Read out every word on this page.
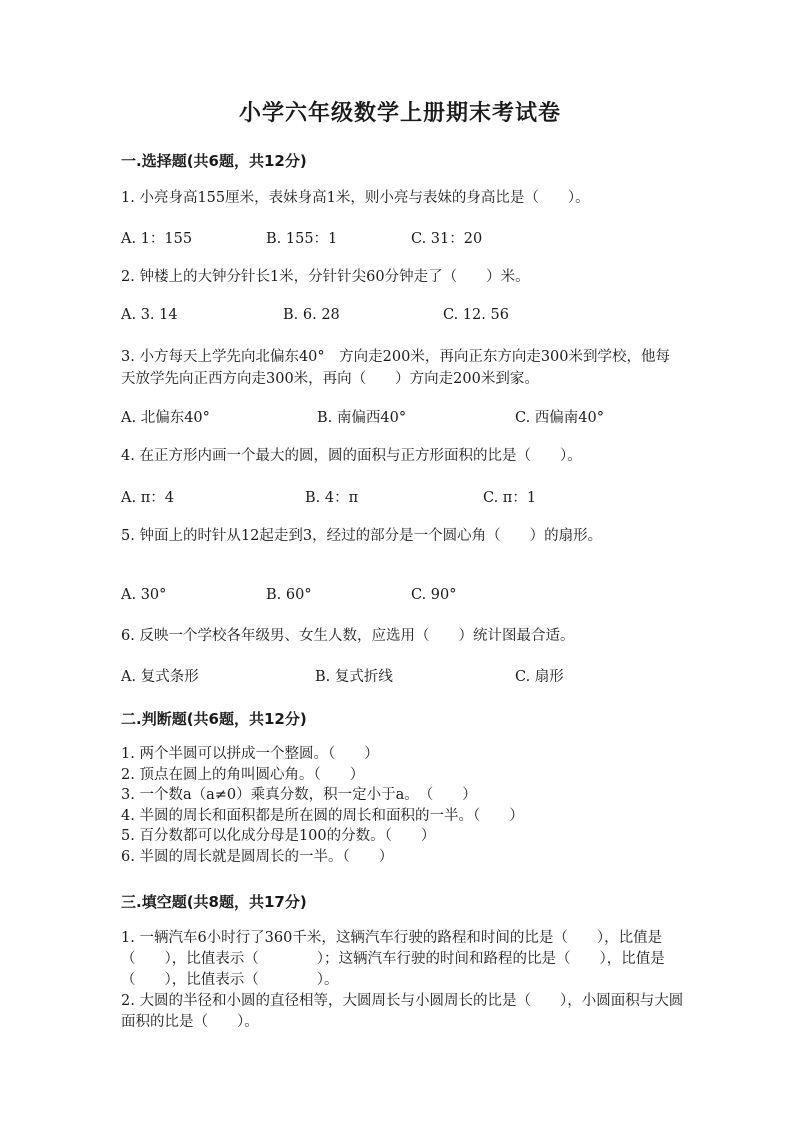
小学六年级数学上册期末考试卷
一.选择题(共6题，共12分)
1. 小亮身高155厘米，表妹身高1米，则小亮与表妹的身高比是（　　）。
A. 1：155	B. 155：1	C. 31：20
2. 钟楼上的大钟分针长1米，分针针尖60分钟走了（　　）米。
A. 3. 14	B. 6. 28	C. 12. 56
3. 小方每天上学先向北偏东40°　方向走200米，再向正东方向走300米到学校，他每天放学先向正西方向走300米，再向（　　）方向走200米到家。
A. 北偏东40°	B. 南偏西40°	C. 西偏南40°
4. 在正方形内画一个最大的圆，圆的面积与正方形面积的比是（　　）。
A. π：4	B. 4：π	C. π：1
5. 钟面上的时针从12起走到3，经过的部分是一个圆心角（　　）的扇形。
A. 30°	B. 60°	C. 90°
6. 反映一个学校各年级男、女生人数，应选用（　　）统计图最合适。
A. 复式条形	B. 复式折线	C. 扇形
二.判断题(共6题，共12分)
1. 两个半圆可以拼成一个整圆。（　　）
2. 顶点在圆上的角叫圆心角。（　　）
3. 一个数a（a≠0）乘真分数，积一定小于a。　（　　）
4. 半圆的周长和面积都是所在圆的周长和面积的一半。（　　）
5. 百分数都可以化成分母是100的分数。（　　）
6. 半圆的周长就是圆周长的一半。（　　）
三.填空题(共8题，共17分)

1. 一辆汽车6小时行了360千米，这辆汽车行驶的路程和时间的比是（　　），比值是（　　），比值表示（　　　　）；这辆汽车行驶的时间和路程的比是（　　），比值是（　　），比值表示（　　　　）。

2. 大圆的半径和小圆的直径相等，大圆周长与小圆周长的比是（　　），小圆面积与大圆面积的比是（　　）。
